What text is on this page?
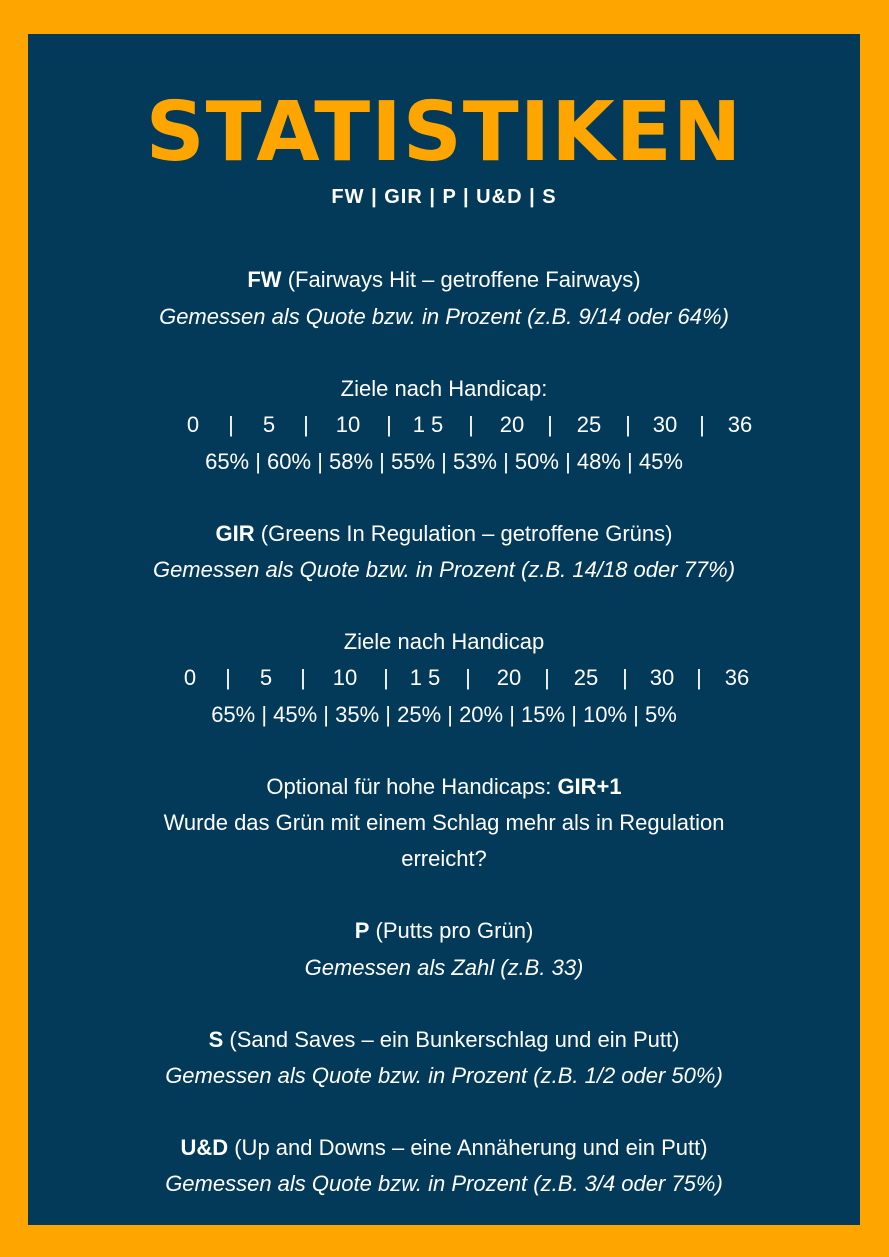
STATISTIKEN
FW | GIR | P | U&D | S
FW (Fairways Hit – getroffene Fairways)
Gemessen als Quote bzw. in Prozent (z.B. 9/14 oder 64%)
Ziele nach Handicap:
0 | 5 | 10 | 1 5 | 20 | 25 | 30 | 36
65% | 60% | 58% | 55% | 53% | 50% | 48% | 45%
GIR (Greens In Regulation – getroffene Grüns)
Gemessen als Quote bzw. in Prozent (z.B. 14/18 oder 77%)
Ziele nach Handicap
0 | 5 | 10 | 1 5 | 20 | 25 | 30 | 36
65% | 45% | 35% | 25% | 20% | 15% | 10% | 5%
Optional für hohe Handicaps: GIR+1
Wurde das Grün mit einem Schlag mehr als in Regulation
erreicht?
P (Putts pro Grün)
Gemessen als Zahl (z.B. 33)
S (Sand Saves – ein Bunkerschlag und ein Putt)
Gemessen als Quote bzw. in Prozent (z.B. 1/2 oder 50%)
U&D (Up and Downs – eine Annäherung und ein Putt)
Gemessen als Quote bzw. in Prozent (z.B. 3/4 oder 75%)
